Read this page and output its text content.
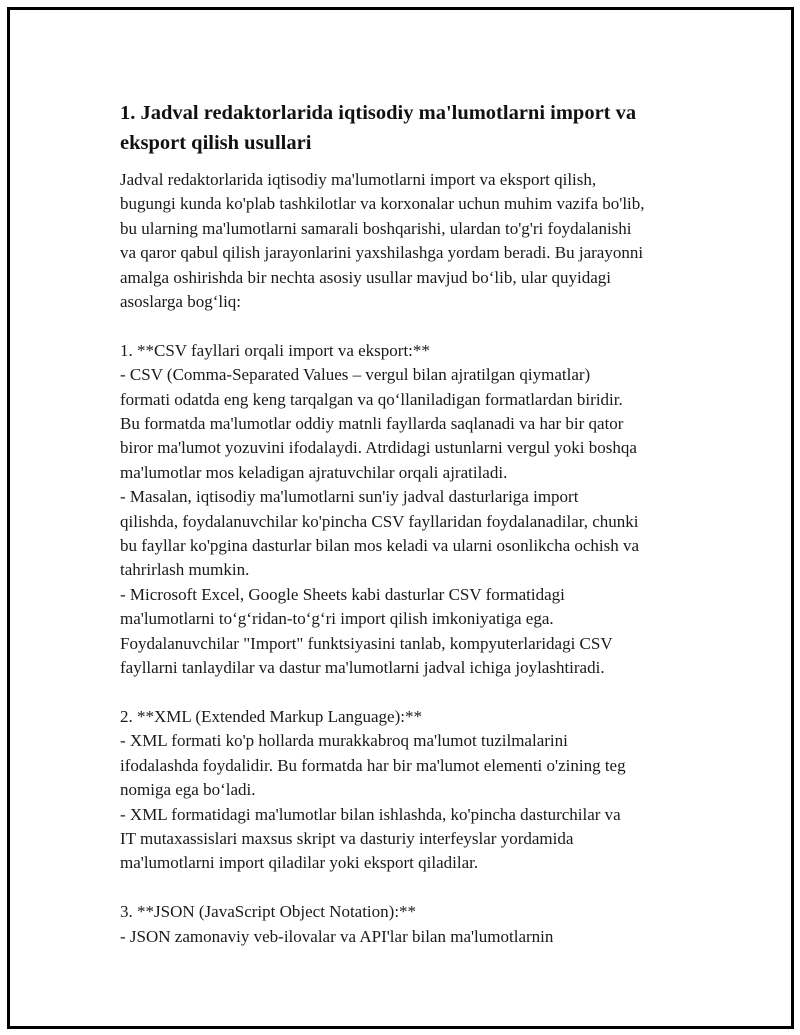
1. Jadval redaktorlarida iqtisodiy ma'lumotlarni import va eksport qilish usullari

Jadval redaktorlarida iqtisodiy ma'lumotlarni import va eksport qilish,
bugungi kunda ko'plab tashkilotlar va korxonalar uchun muhim vazifa bo'lib,
bu ularning ma'lumotlarni samarali boshqarishi, ulardan to'g'ri foydalanishi
va qaror qabul qilish jarayonlarini yaxshilashga yordam beradi. Bu jarayonni
amalga oshirishda bir nechta asosiy usullar mavjud bo‘lib, ular quyidagi
asoslarga bog‘liq:

1. **CSV fayllari orqali import va eksport:**
- CSV (Comma-Separated Values – vergul bilan ajratilgan qiymatlar)
formati odatda eng keng tarqalgan va qo‘llaniladigan formatlardan biridir.
Bu formatda ma'lumotlar oddiy matnli fayllarda saqlanadi va har bir qator
biror ma'lumot yozuvini ifodalaydi. Atrdidagi ustunlarni vergul yoki boshqa
ma'lumotlar mos keladigan ajratuvchilar orqali ajratiladi.
- Masalan, iqtisodiy ma'lumotlarni sun'iy jadval dasturlariga import
qilishda, foydalanuvchilar ko'pincha CSV fayllaridan foydalanadilar, chunki
bu fayllar ko'pgina dasturlar bilan mos keladi va ularni osonlikcha ochish va
tahrirlash mumkin.
- Microsoft Excel, Google Sheets kabi dasturlar CSV formatidagi
ma'lumotlarni to‘g‘ridan-to‘g‘ri import qilish imkoniyatiga ega.
Foydalanuvchilar "Import" funktsiyasini tanlab, kompyuterlaridagi CSV
fayllarni tanlaydilar va dastur ma'lumotlarni jadval ichiga joylashtiradi.

2. **XML (Extended Markup Language):**
- XML formati ko'p hollarda murakkabroq ma'lumot tuzilmalarini
ifodalashda foydalidir. Bu formatda har bir ma'lumot elementi o'zining teg
nomiga ega bo‘ladi.
- XML formatidagi ma'lumotlar bilan ishlashda, ko'pincha dasturchilar va
IT mutaxassislari maxsus skript va dasturiy interfeyslar yordamida
ma'lumotlarni import qiladilar yoki eksport qiladilar.

3. **JSON (JavaScript Object Notation):**
- JSON zamonaviy veb-ilovalar va API'lar bilan ma'lumotlarnin
